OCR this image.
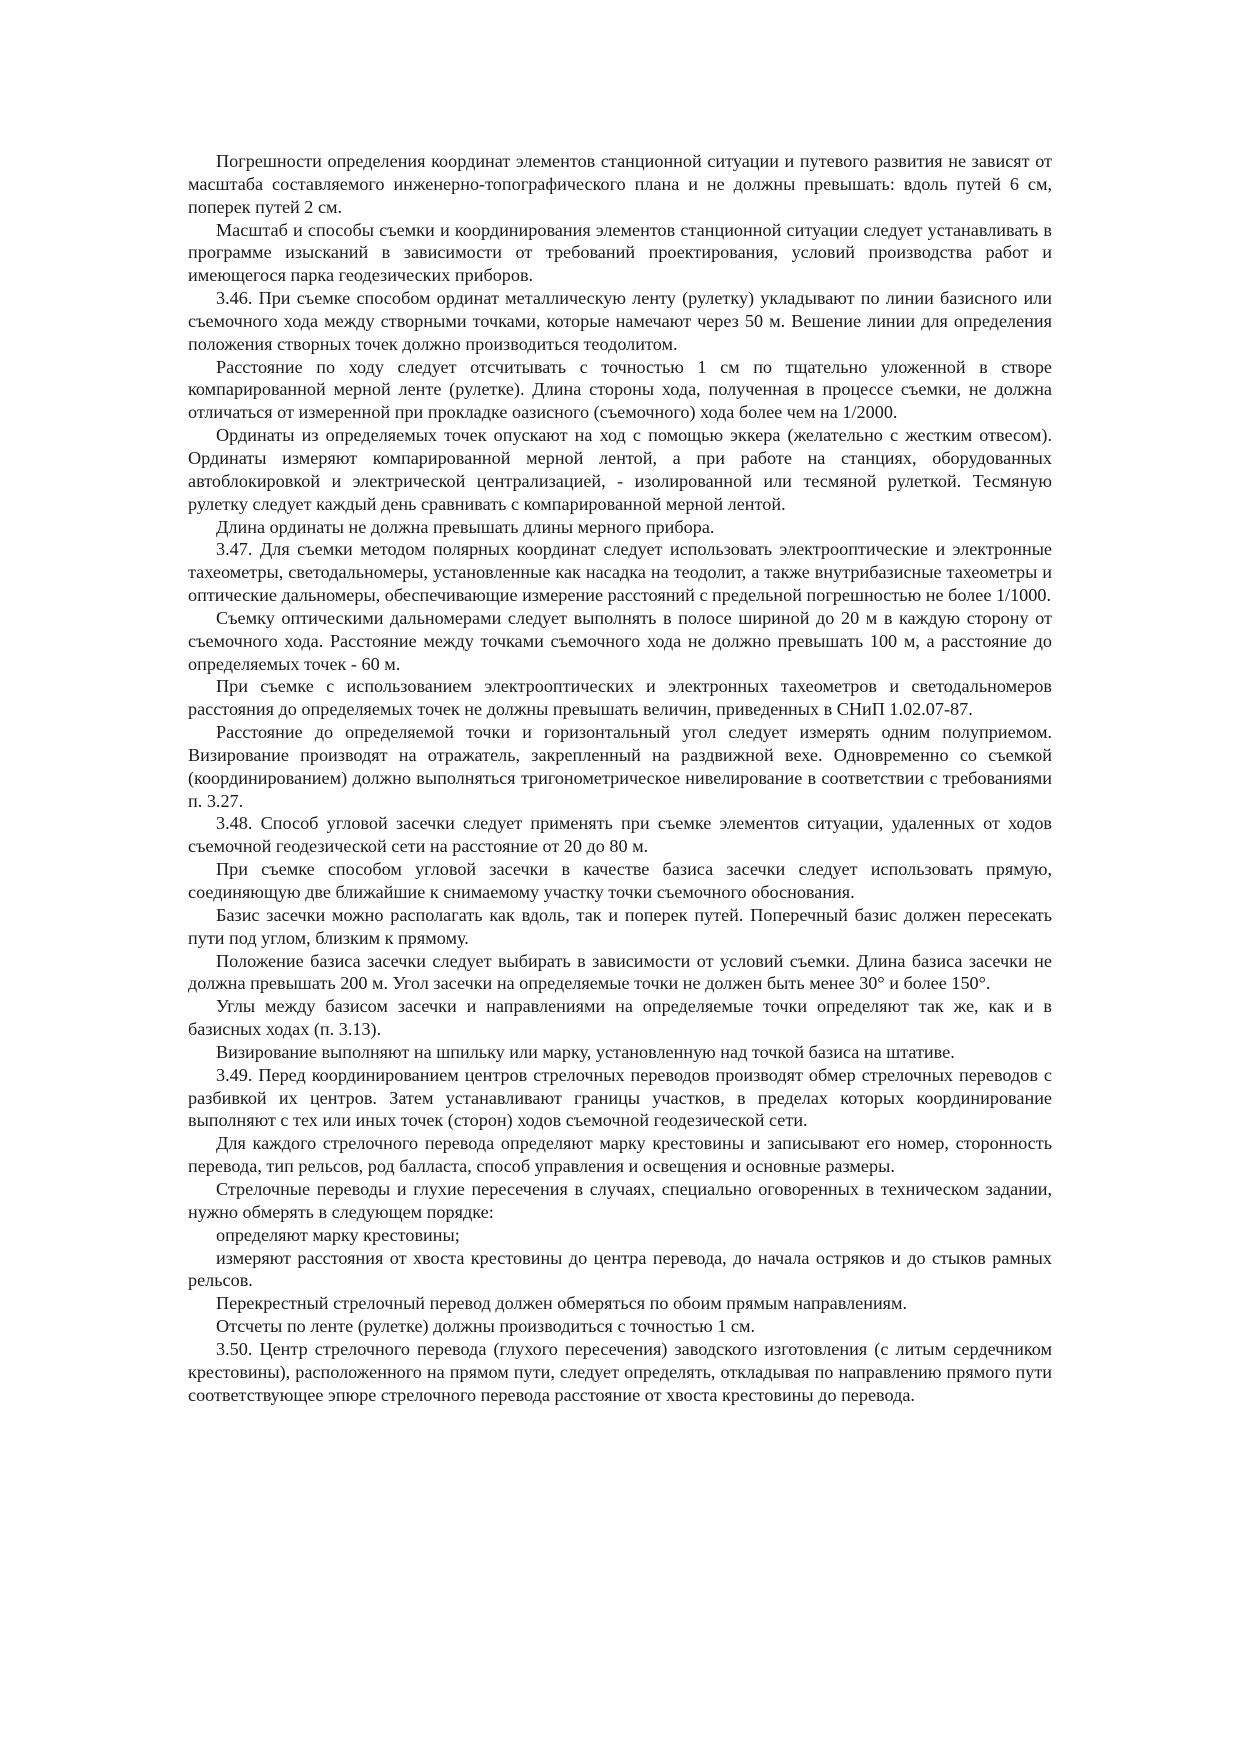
Погрешности определения координат элементов станционной ситуации и путевого развития не зависят от масштаба составляемого инженерно-топографического плана и не должны превышать: вдоль путей 6 см, поперек путей 2 см.

Масштаб и способы съемки и координирования элементов станционной ситуации следует устанавливать в программе изысканий в зависимости от требований проектирования, условий производства работ и имеющегося парка геодезических приборов.

3.46. При съемке способом ординат металлическую ленту (рулетку) укладывают по линии базисного или съемочного хода между створными точками, которые намечают через 50 м. Вешение линии для определения положения створных точек должно производиться теодолитом.

Расстояние по ходу следует отсчитывать с точностью 1 см по тщательно уложенной в створе компарированной мерной ленте (рулетке). Длина стороны хода, полученная в процессе съемки, не должна отличаться от измеренной при прокладке оазисного (съемочного) хода более чем на 1/2000.

Ординаты из определяемых точек опускают на ход с помощью эккера (желательно с жестким отвесом). Ординаты измеряют компарированной мерной лентой, а при работе на станциях, оборудованных автоблокировкой и электрической централизацией, - изолированной или тесмяной рулеткой. Тесмяную рулетку следует каждый день сравнивать с компарированной мерной лентой.

Длина ординаты не должна превышать длины мерного прибора.

3.47. Для съемки методом полярных координат следует использовать электрооптические и электронные тахеометры, светодальномеры, установленные как насадка на теодолит, а также внутрибазисные тахеометры и оптические дальномеры, обеспечивающие измерение расстояний с предельной погрешностью не более 1/1000.

Съемку оптическими дальномерами следует выполнять в полосе шириной до 20 м в каждую сторону от съемочного хода. Расстояние между точками съемочного хода не должно превышать 100 м, а расстояние до определяемых точек - 60 м.

При съемке с использованием электрооптических и электронных тахеометров и светодальномеров расстояния до определяемых точек не должны превышать величин, приведенных в СНиП 1.02.07-87.

Расстояние до определяемой точки и горизонтальный угол следует измерять одним полуприемом. Визирование производят на отражатель, закрепленный на раздвижной вехе. Одновременно со съемкой (координированием) должно выполняться тригонометрическое нивелирование в соответствии с требованиями п. 3.27.

3.48. Способ угловой засечки следует применять при съемке элементов ситуации, удаленных от ходов съемочной геодезической сети на расстояние от 20 до 80 м.

При съемке способом угловой засечки в качестве базиса засечки следует использовать прямую, соединяющую две ближайшие к снимаемому участку точки съемочного обоснования.

Базис засечки можно располагать как вдоль, так и поперек путей. Поперечный базис должен пересекать пути под углом, близким к прямому.

Положение базиса засечки следует выбирать в зависимости от условий съемки. Длина базиса засечки не должна превышать 200 м. Угол засечки на определяемые точки не должен быть менее 30° и более 150°.

Углы между базисом засечки и направлениями на определяемые точки определяют так же, как и в базисных ходах (п. 3.13).

Визирование выполняют на шпильку или марку, установленную над точкой базиса на штативе.

3.49. Перед координированием центров стрелочных переводов производят обмер стрелочных переводов с разбивкой их центров. Затем устанавливают границы участков, в пределах которых координирование выполняют с тех или иных точек (сторон) ходов съемочной геодезической сети.

Для каждого стрелочного перевода определяют марку крестовины и записывают его номер, сторонность перевода, тип рельсов, род балласта, способ управления и освещения и основные размеры.

Стрелочные переводы и глухие пересечения в случаях, специально оговоренных в техническом задании, нужно обмерять в следующем порядке:

определяют марку крестовины;

измеряют расстояния от хвоста крестовины до центра перевода, до начала остряков и до стыков рамных рельсов.

Перекрестный стрелочный перевод должен обмеряться по обоим прямым направлениям.

Отсчеты по ленте (рулетке) должны производиться с точностью 1 см.

3.50. Центр стрелочного перевода (глухого пересечения) заводского изготовления (с литым сердечником крестовины), расположенного на прямом пути, следует определять, откладывая по направлению прямого пути соответствующее эпюре стрелочного перевода расстояние от хвоста крестовины до перевода.
